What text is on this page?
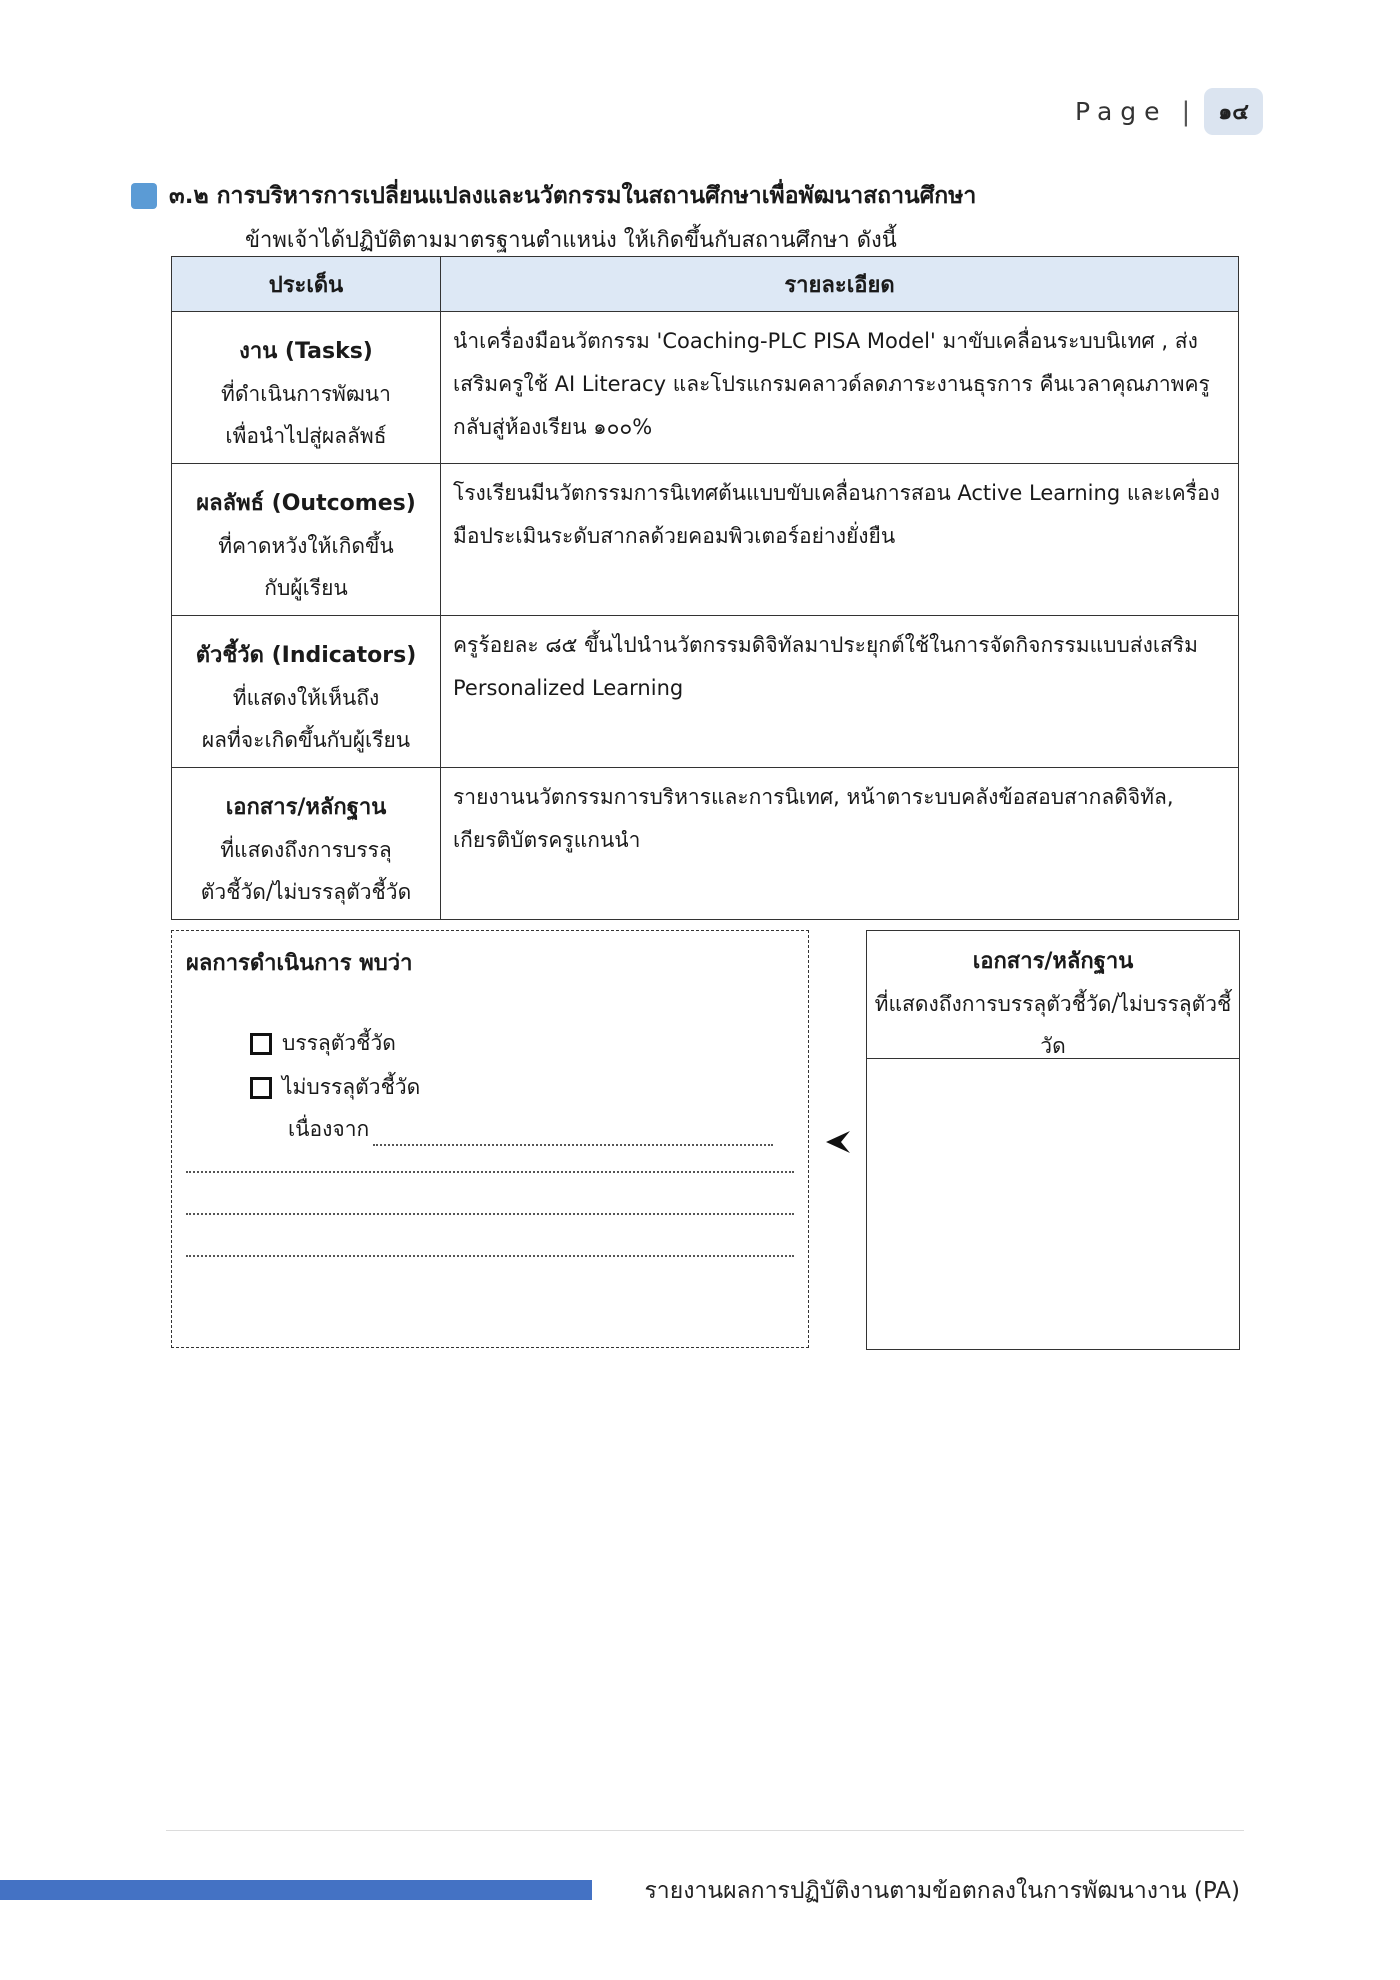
Page |	๑๔
๓.๒ การบริหารการเปลี่ยนแปลงและนวัตกรรมในสถานศึกษาเพื่อพัฒนาสถานศึกษา
ข้าพเจ้าได้ปฏิบัติตามมาตรฐานตำแหน่ง ให้เกิดขึ้นกับสถานศึกษา ดังนี้
ประเด็น	รายละเอียด

งาน (Tasks)
ที่ดำเนินการพัฒนา
เพื่อนำไปสู่ผลลัพธ์	นำเครื่องมือนวัตกรรม 'Coaching-PLC PISA Model' มาขับเคลื่อนระบบนิเทศ , ส่งเสริมครูใช้ AI Literacy และโปรแกรมคลาวด์ลดภาระงานธุรการ คืนเวลาคุณภาพครูกลับสู่ห้องเรียน ๑๐๐%

ผลลัพธ์ (Outcomes)
ที่คาดหวังให้เกิดขึ้น
กับผู้เรียน	โรงเรียนมีนวัตกรรมการนิเทศต้นแบบขับเคลื่อนการสอน Active Learning และเครื่องมือประเมินระดับสากลด้วยคอมพิวเตอร์อย่างยั่งยืน

ตัวชี้วัด (Indicators)
ที่แสดงให้เห็นถึง
ผลที่จะเกิดขึ้นกับผู้เรียน	ครูร้อยละ ๘๕ ขึ้นไปนำนวัตกรรมดิจิทัลมาประยุกต์ใช้ในการจัดกิจกรรมแบบส่งเสริม Personalized Learning

เอกสาร/หลักฐาน
ที่แสดงถึงการบรรลุ
ตัวชี้วัด/ไม่บรรลุตัวชี้วัด	รายงานนวัตกรรมการบริหารและการนิเทศ, หน้าตาระบบคลังข้อสอบสากลดิจิทัล, เกียรติบัตรครูแกนนำ
ผลการดำเนินการ พบว่า
บรรลุตัวชี้วัด
ไม่บรรลุตัวชี้วัด
เนื่องจาก
เอกสาร/หลักฐาน
ที่แสดงถึงการบรรลุตัวชี้วัด/ไม่บรรลุตัวชี้วัด
รายงานผลการปฏิบัติงานตามข้อตกลงในการพัฒนางาน (PA)
